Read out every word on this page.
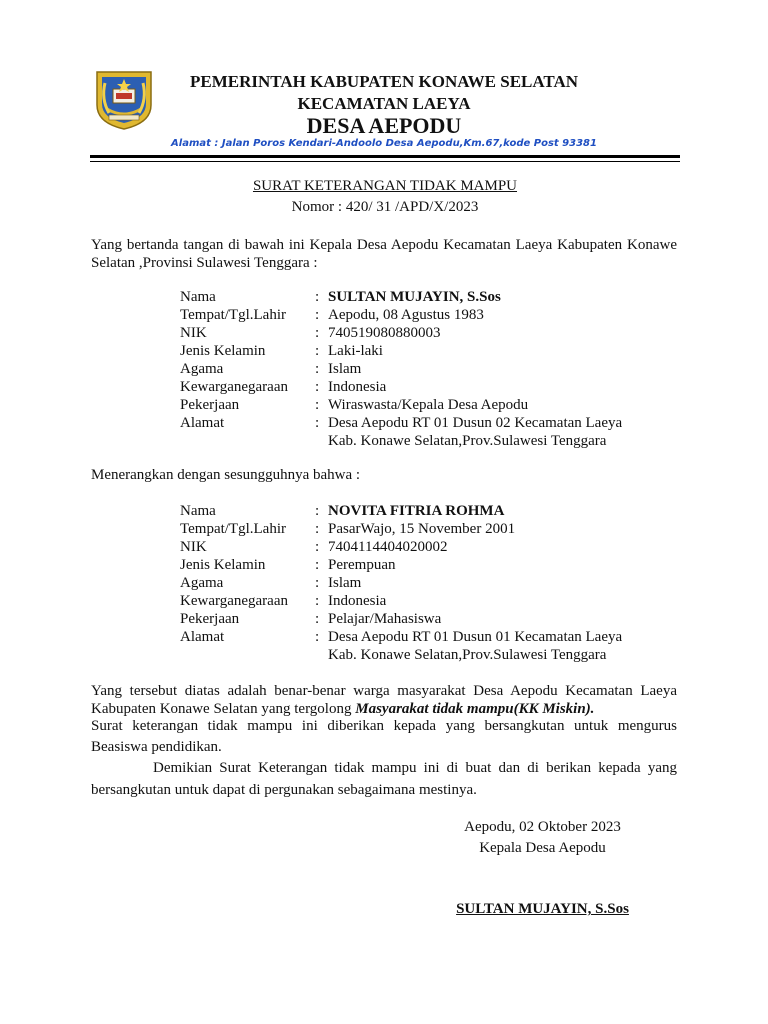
PEMERINTAH KABUPATEN KONAWE SELATAN
KECAMATAN LAEYA
DESA AEPODU
Alamat : Jalan Poros Kendari-Andoolo Desa Aepodu,Km.67,kode Post 93381
SURAT KETERANGAN TIDAK MAMPU
Nomor : 420/ 31 /APD/X/2023
Yang bertanda tangan di bawah ini Kepala Desa Aepodu Kecamatan Laeya Kabupaten Konawe Selatan ,Provinsi Sulawesi Tenggara :
Nama	: SULTAN MUJAYIN, S.Sos
Tempat/Tgl.Lahir	: Aepodu, 08 Agustus 1983
NIK	: 740519080880003
Jenis Kelamin	: Laki-laki
Agama	: Islam
Kewarganegaraan	: Indonesia
Pekerjaan	: Wiraswasta/Kepala Desa Aepodu
Alamat	: Desa Aepodu RT 01 Dusun 02 Kecamatan Laeya
Kab. Konawe Selatan,Prov.Sulawesi Tenggara
Menerangkan dengan sesungguhnya bahwa :
Nama	: NOVITA FITRIA ROHMA
Tempat/Tgl.Lahir	: PasarWajo, 15 November 2001
NIK	: 7404114404020002
Jenis Kelamin	: Perempuan
Agama	: Islam
Kewarganegaraan	: Indonesia
Pekerjaan	: Pelajar/Mahasiswa
Alamat	: Desa Aepodu RT 01 Dusun 01 Kecamatan Laeya
Kab. Konawe Selatan,Prov.Sulawesi Tenggara
Yang tersebut diatas adalah benar-benar warga masyarakat Desa Aepodu Kecamatan Laeya Kabupaten Konawe Selatan yang tergolong Masyarakat tidak mampu(KK Miskin).
Surat keterangan tidak mampu ini diberikan kepada yang bersangkutan untuk mengurus Beasiswa pendidikan.
Demikian Surat Keterangan tidak mampu ini di buat dan di berikan kepada yang bersangkutan untuk dapat di pergunakan sebagaimana mestinya.
Aepodu, 02 Oktober 2023
Kepala Desa Aepodu
SULTAN MUJAYIN, S.Sos
